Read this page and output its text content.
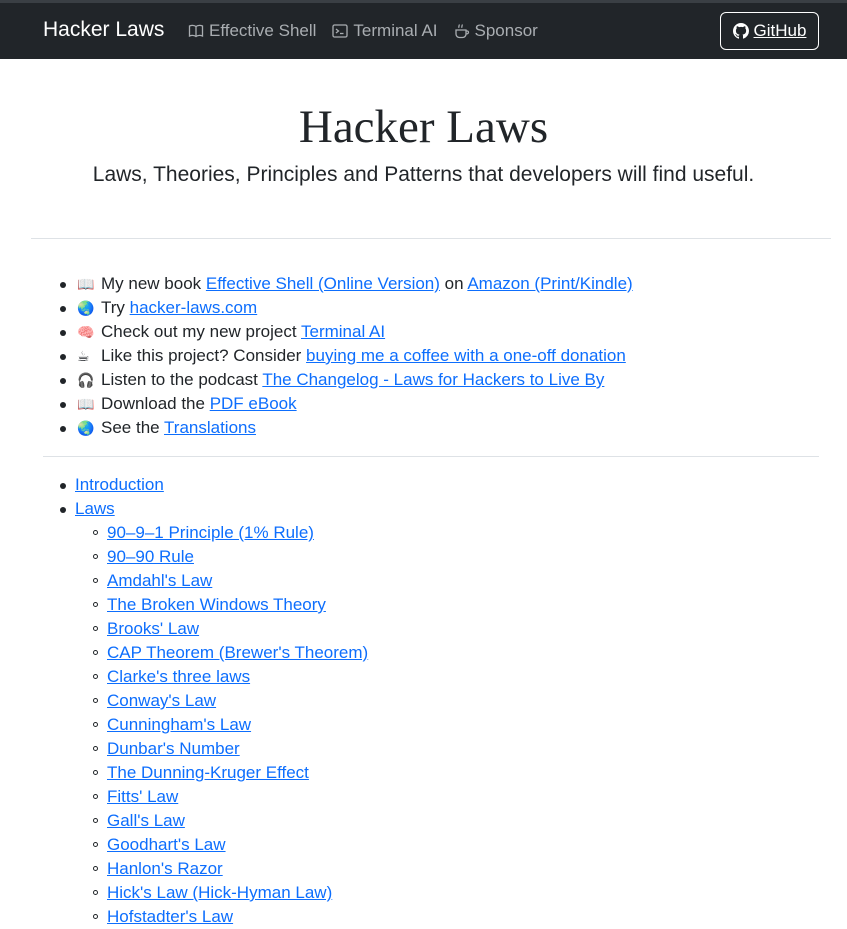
Hacker Laws	Effective Shell Terminal AI Sponsor	GitHub
Hacker Laws

Laws, Theories, Principles and Patterns that developers will find useful.

📖 My new book Effective Shell (Online Version) on Amazon (Print/Kindle)
🌏 Try hacker-laws.com
🧠 Check out my new project Terminal AI
☕ Like this project? Consider buying me a coffee with a one-off donation
🎧 Listen to the podcast The Changelog - Laws for Hackers to Live By
📖 Download the PDF eBook
🌏 See the Translations
Introduction
Laws
90–9–1 Principle (1% Rule)
90–90 Rule
Amdahl's Law
The Broken Windows Theory
Brooks' Law
CAP Theorem (Brewer's Theorem)
Clarke's three laws
Conway's Law
Cunningham's Law
Dunbar's Number
The Dunning-Kruger Effect
Fitts' Law
Gall's Law
Goodhart's Law
Hanlon's Razor
Hick's Law (Hick-Hyman Law)
Hofstadter's Law
